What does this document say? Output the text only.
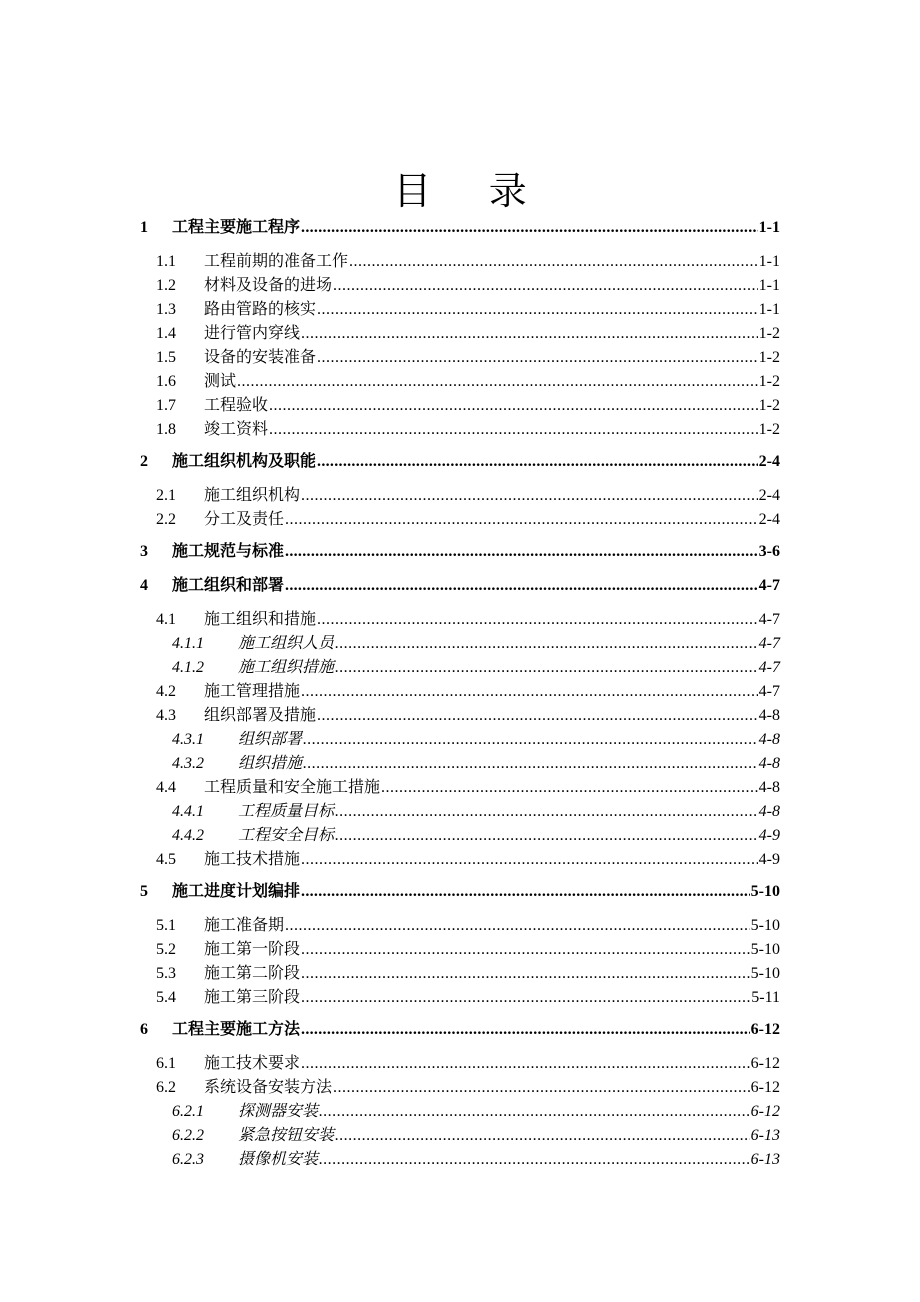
目 录
1	工程主要施工程序 .....	1-1
1.1	工程前期的准备工作 .....	1-1
1.2	材料及设备的进场 .....	1-1
1.3	路由管路的核实 .....	1-1
1.4	进行管内穿线 .....	1-2
1.5	设备的安装准备 .....	1-2
1.6	测试 .....	1-2
1.7	工程验收 .....	1-2
1.8	竣工资料 .....	1-2
2	施工组织机构及职能 .....	2-4
2.1	施工组织机构 .....	2-4
2.2	分工及责任 .....	2-4
3	施工规范与标准 .....	3-6
4	施工组织和部署 .....	4-7
4.1	施工组织和措施 .....	4-7
4.1.1	施工组织人员 .....	4-7
4.1.2	施工组织措施 .....	4-7
4.2	施工管理措施 .....	4-7
4.3	组织部署及措施 .....	4-8
4.3.1	组织部署 .....	4-8
4.3.2	组织措施 .....	4-8
4.4	工程质量和安全施工措施 .....	4-8
4.4.1	工程质量目标 .....	4-8
4.4.2	工程安全目标 .....	4-9
4.5	施工技术措施 .....	4-9
5	施工进度计划编排 .....	5-10
5.1	施工准备期 .....	5-10
5.2	施工第一阶段 .....	5-10
5.3	施工第二阶段 .....	5-10
5.4	施工第三阶段 .....	5-11
6	工程主要施工方法 .....	6-12
6.1	施工技术要求 .....	6-12
6.2	系统设备安装方法 .....	6-12
6.2.1	探测器安装 .....	6-12
6.2.2	紧急按钮安装 .....	6-13
6.2.3	摄像机安装 .....	6-13
